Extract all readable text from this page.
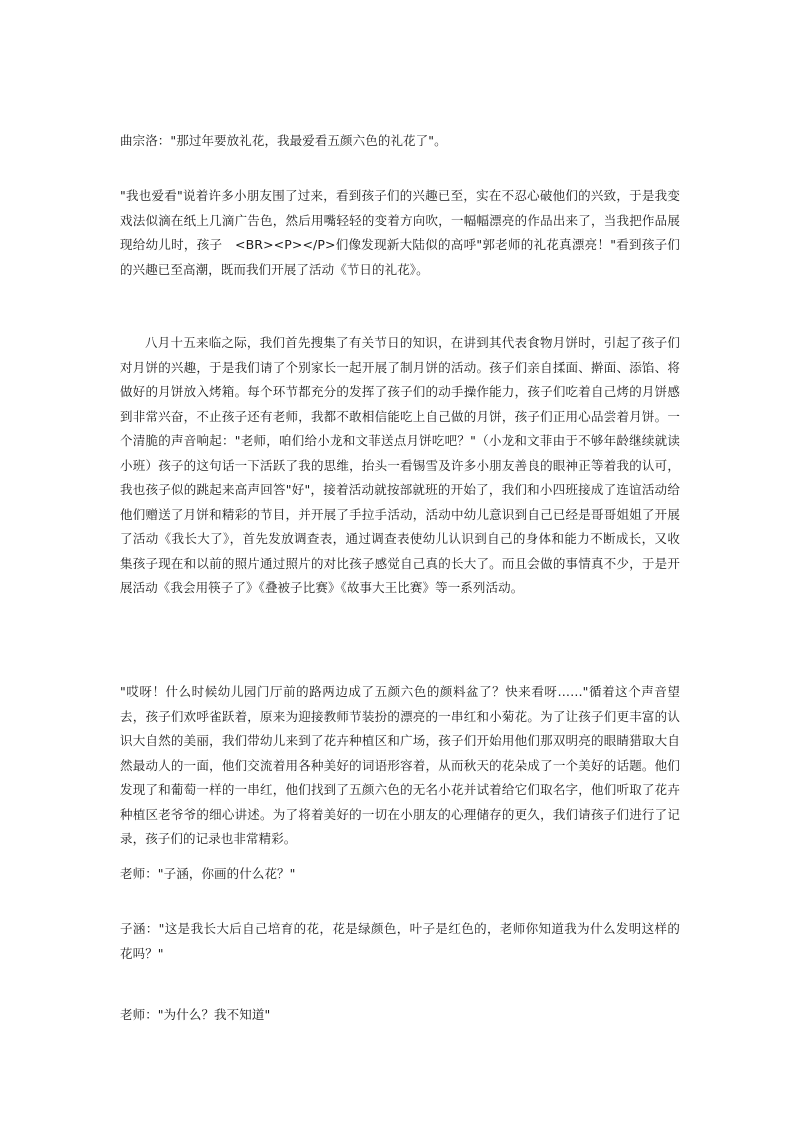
曲宗洛："那过年要放礼花，我最爱看五颜六色的礼花了"。

"我也爱看"说着许多小朋友围了过来，看到孩子们的兴趣已至，实在不忍心破他们的兴致，于是我变戏法似滴在纸上几滴广告色，然后用嘴轻轻的变着方向吹，一幅幅漂亮的作品出来了，当我把作品展现给幼儿时，孩子　<BR><P></P>们像发现新大陆似的高呼"郭老师的礼花真漂亮！"看到孩子们的兴趣已至高潮，既而我们开展了活动《节日的礼花》。

八月十五来临之际，我们首先搜集了有关节日的知识，在讲到其代表食物月饼时，引起了孩子们对月饼的兴趣，于是我们请了个别家长一起开展了制月饼的活动。孩子们亲自揉面、擀面、添馅、将做好的月饼放入烤箱。每个环节都充分的发挥了孩子们的动手操作能力，孩子们吃着自己烤的月饼感到非常兴奋，不止孩子还有老师，我都不敢相信能吃上自己做的月饼，孩子们正用心品尝着月饼。一个清脆的声音响起："老师，咱们给小龙和文菲送点月饼吃吧？"（小龙和文菲由于不够年龄继续就读小班）孩子的这句话一下活跃了我的思维，抬头一看锡雪及许多小朋友善良的眼神正等着我的认可，我也孩子似的跳起来高声回答"好"，接着活动就按部就班的开始了，我们和小四班接成了连谊活动给他们赠送了月饼和精彩的节目，并开展了手拉手活动，活动中幼儿意识到自己已经是哥哥姐姐了开展了活动《我长大了》，首先发放调查表，通过调查表使幼儿认识到自己的身体和能力不断成长，又收集孩子现在和以前的照片通过照片的对比孩子感觉自己真的长大了。而且会做的事情真不少，于是开展活动《我会用筷子了》《叠被子比赛》《故事大王比赛》等一系列活动。

"哎呀！什么时候幼儿园门厅前的路两边成了五颜六色的颜料盆了？快来看呀……"循着这个声音望去，孩子们欢呼雀跃着，原来为迎接教师节装扮的漂亮的一串红和小菊花。为了让孩子们更丰富的认识大自然的美丽，我们带幼儿来到了花卉种植区和广场，孩子们开始用他们那双明亮的眼睛猎取大自然最动人的一面，他们交流着用各种美好的词语形容着，从而秋天的花朵成了一个美好的话题。他们发现了和葡萄一样的一串红，他们找到了五颜六色的无名小花并试着给它们取名字，他们听取了花卉种植区老爷爷的细心讲述。为了将着美好的一切在小朋友的心理储存的更久，我们请孩子们进行了记录，孩子们的记录也非常精彩。

老师："子涵，你画的什么花？"

子涵："这是我长大后自己培育的花，花是绿颜色，叶子是红色的，老师你知道我为什么发明这样的花吗？"

老师："为什么？我不知道"
